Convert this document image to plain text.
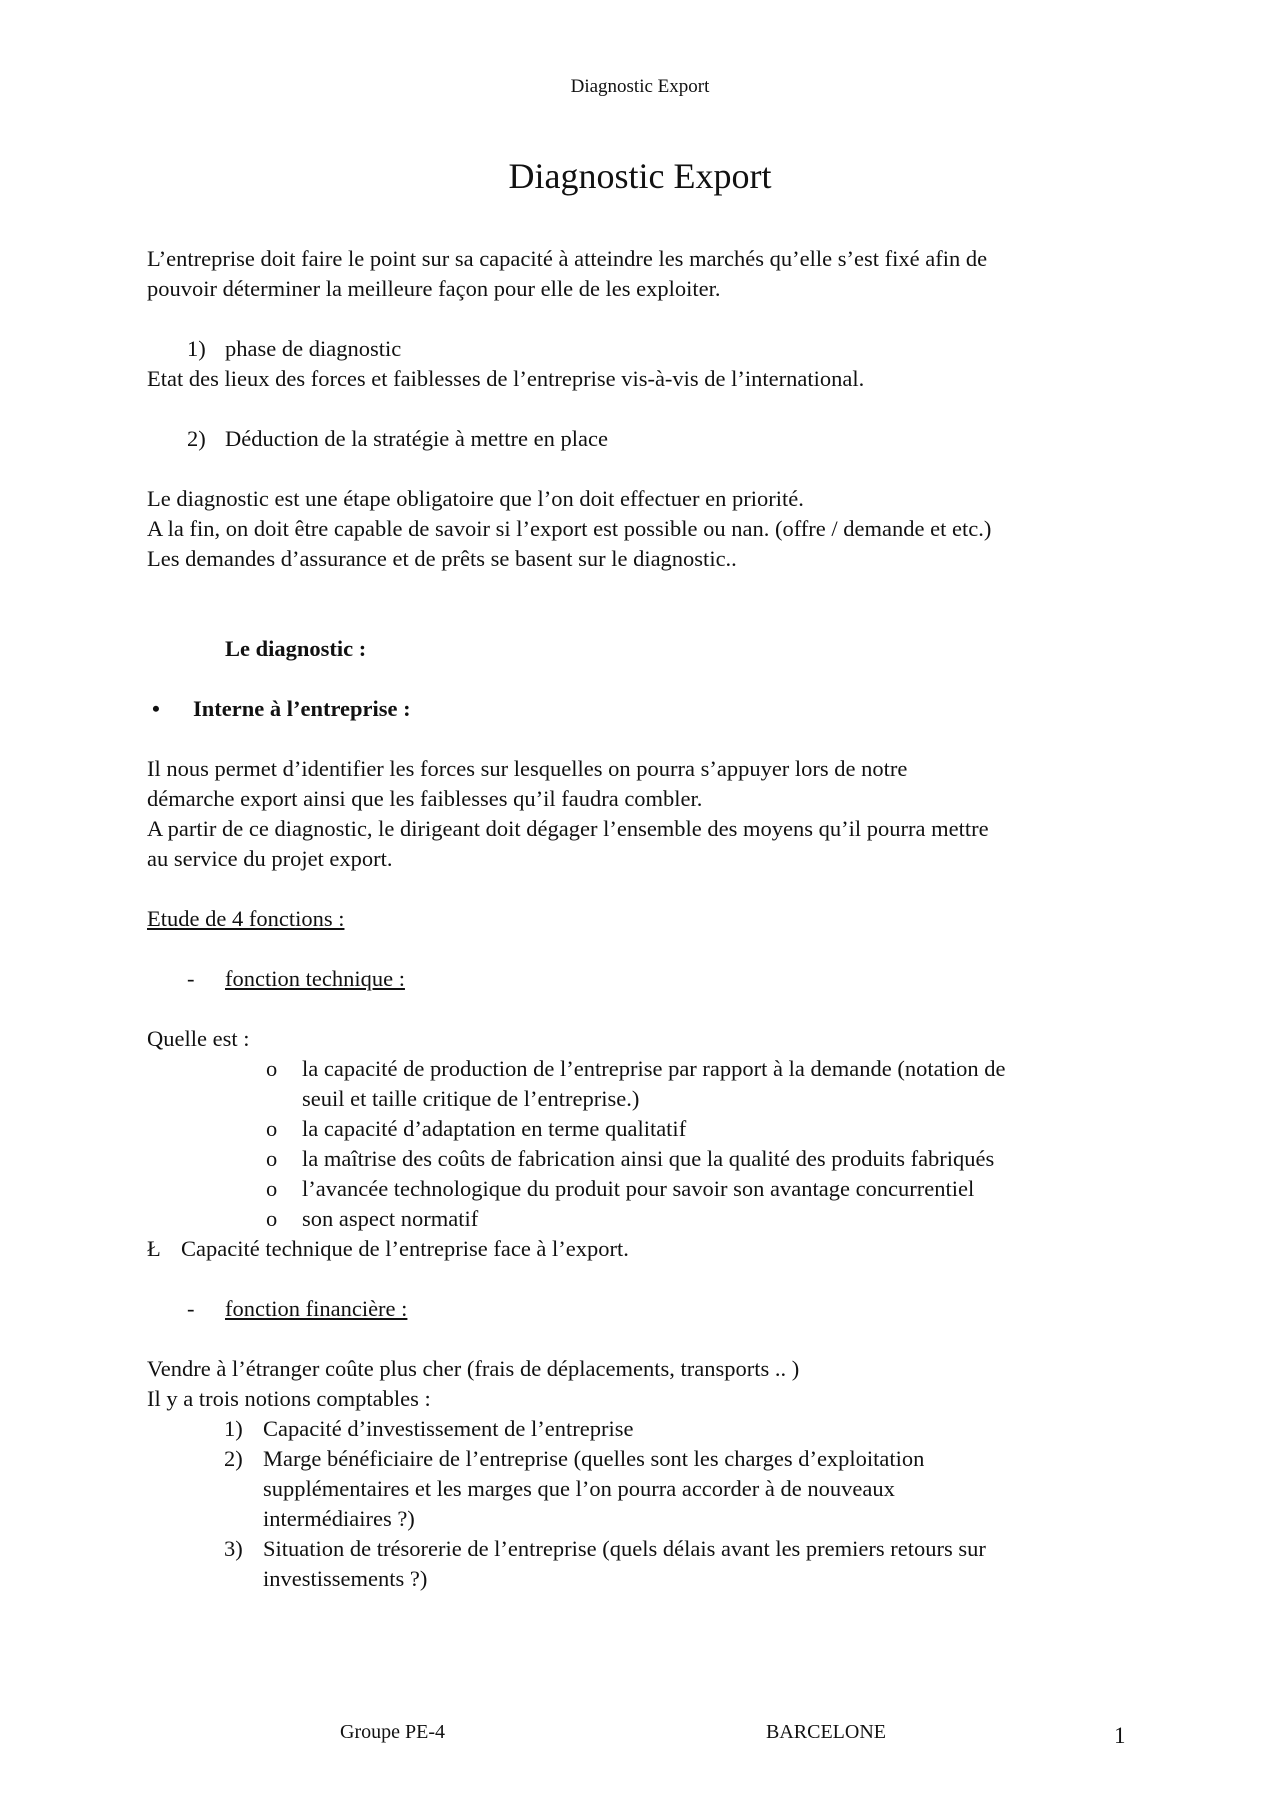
Diagnostic Export
Diagnostic Export
L’entreprise doit faire le point sur sa capacité à atteindre les marchés qu’elle s’est fixé afin de
pouvoir déterminer la meilleure façon pour elle de les exploiter.
1) phase de diagnostic
Etat des lieux des forces et faiblesses de l’entreprise vis-à-vis de l’international.
2) Déduction de la stratégie à mettre en place
Le diagnostic est une étape obligatoire que l’on doit effectuer en priorité.
A la fin, on doit être capable de savoir si l’export est possible ou nan. (offre / demande et etc.)
Les demandes d’assurance et de prêts se basent sur le diagnostic..
Le diagnostic :
• Interne à l’entreprise :
Il nous permet d’identifier les forces sur lesquelles on pourra s’appuyer lors de notre
démarche export ainsi que les faiblesses qu’il faudra combler.
A partir de ce diagnostic, le dirigeant doit dégager l’ensemble des moyens qu’il pourra mettre
au service du projet export.
Etude de 4 fonctions :
- fonction technique :
Quelle est :
o la capacité de production de l’entreprise par rapport à la demande (notation de
seuil et taille critique de l’entreprise.)
o la capacité d’adaptation en terme qualitatif
o la maîtrise des coûts de fabrication ainsi que la qualité des produits fabriqués
o l’avancée technologique du produit pour savoir son avantage concurrentiel
o son aspect normatif
Ł Capacité technique de l’entreprise face à l’export.
- fonction financière :
Vendre à l’étranger coûte plus cher (frais de déplacements, transports .. )
Il y a trois notions comptables :
1) Capacité d’investissement de l’entreprise
2) Marge bénéficiaire de l’entreprise (quelles sont les charges d’exploitation
supplémentaires et les marges que l’on pourra accorder à de nouveaux
intermédiaires ?)
3) Situation de trésorerie de l’entreprise (quels délais avant les premiers retours sur
investissements ?)
Groupe PE-4	BARCELONE	1
